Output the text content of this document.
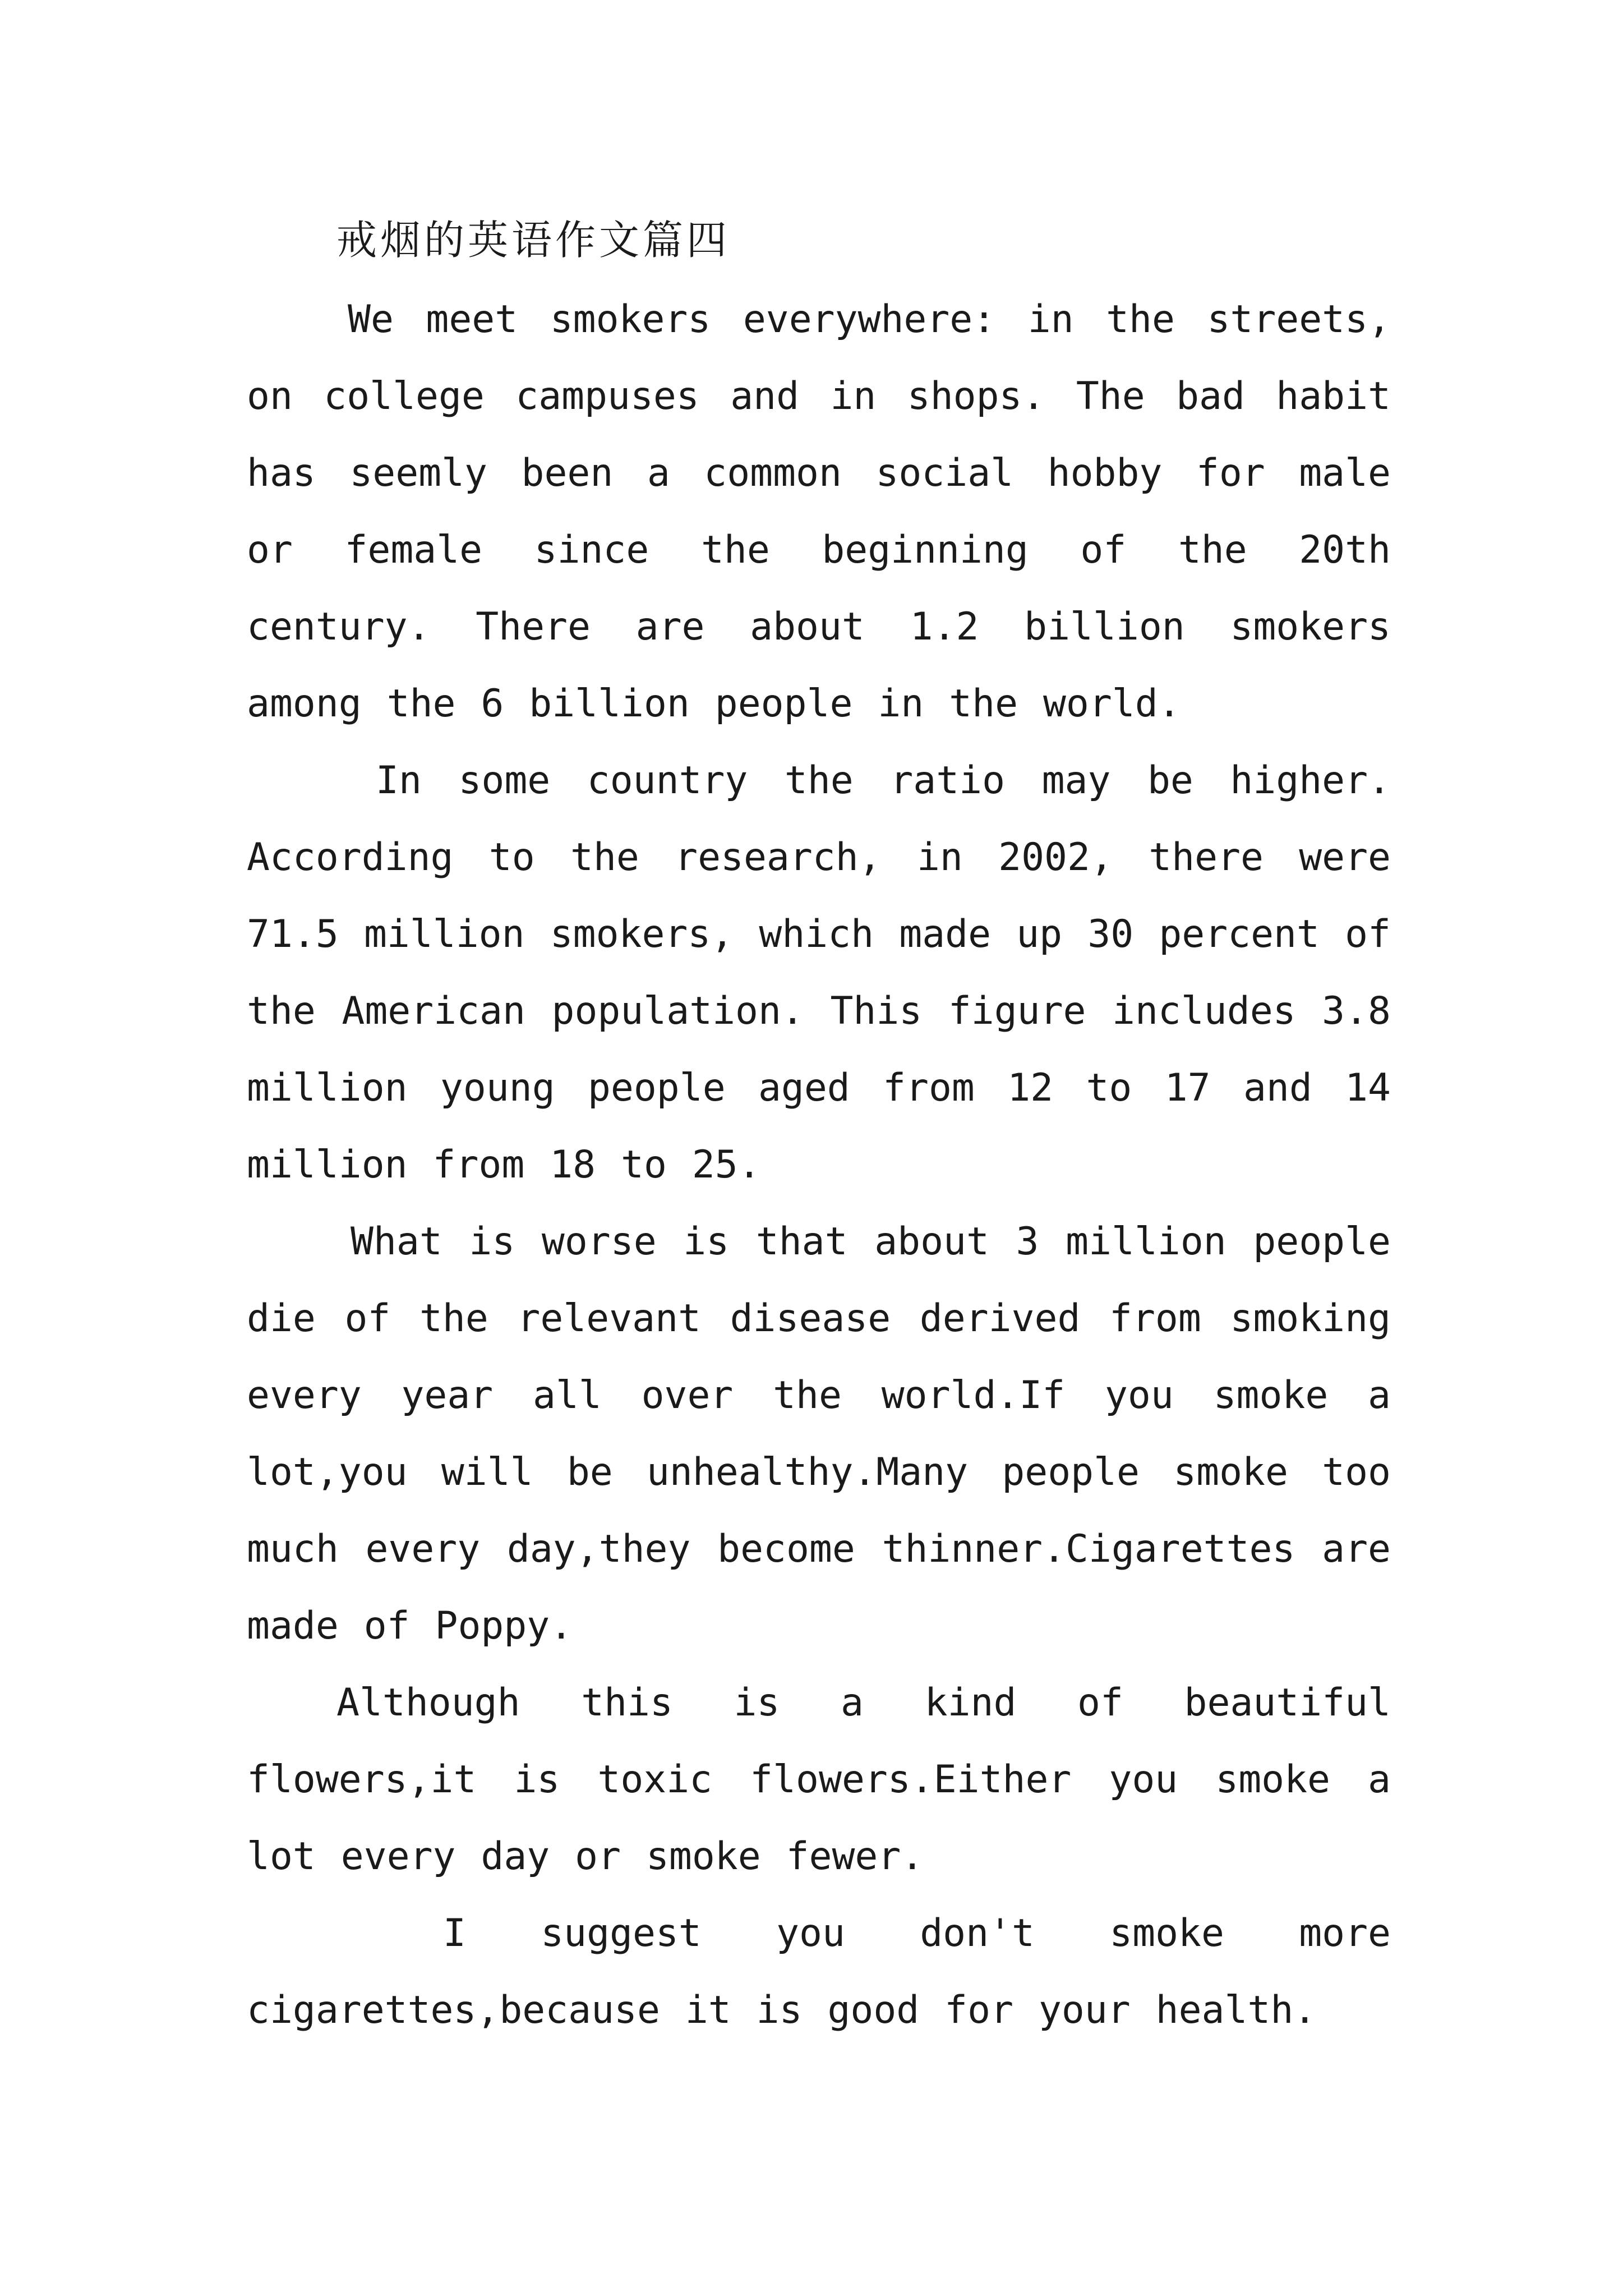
戒烟的英语作文篇四

We meet smokers everywhere: in the streets, on college campuses and in shops. The bad habit has seemly been a common social hobby for male or female since the beginning of the 20th century. There are about 1.2 billion smokers among the 6 billion people in the world.

In some country the ratio may be higher. According to the research, in 2002, there were 71.5 million smokers, which made up 30 percent of the American population. This figure includes 3.8 million young people aged from 12 to 17 and 14 million from 18 to 25.

What is worse is that about 3 million people die of the relevant disease derived from smoking every year all over the world.If you smoke a lot,you will be unhealthy.Many people smoke too much every day,they become thinner.Cigarettes are made of Poppy.

Although this is a kind of beautiful flowers,it is toxic flowers.Either you smoke a lot every day or smoke fewer.

I suggest you don't smoke more cigarettes,because it is good for your health.
